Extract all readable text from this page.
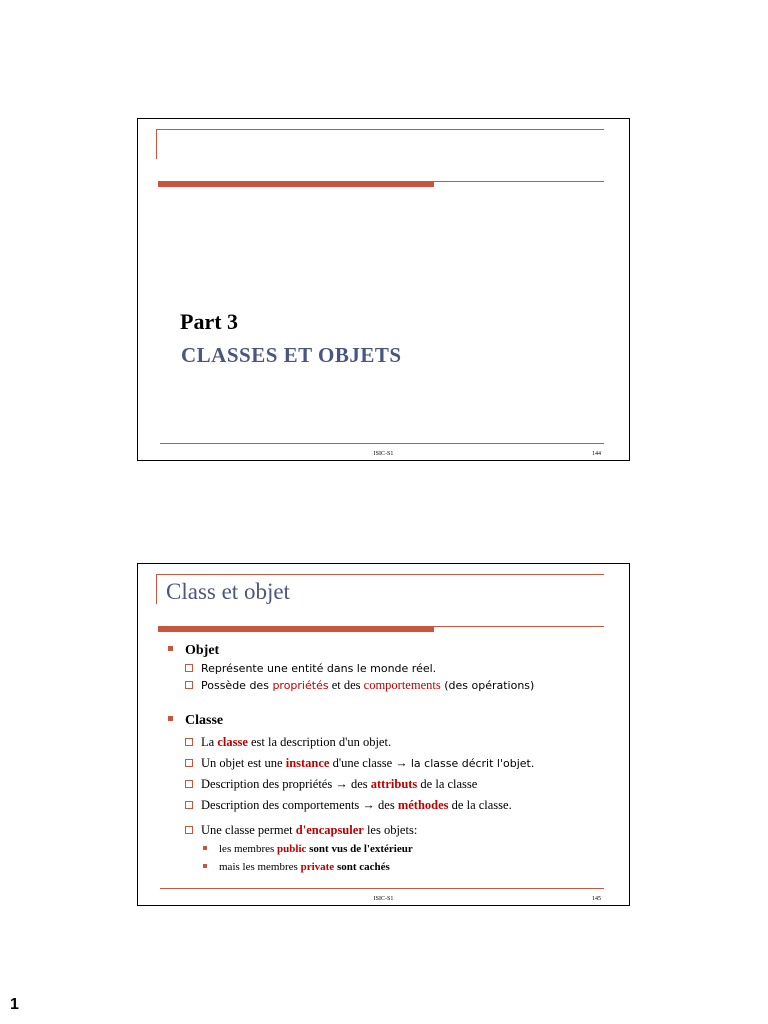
Part 3
CLASSES ET OBJETS
ISIC-S1	144
Class et objet
Objet
Représente une entité dans le monde réel.
Possède des propriétés et des comportements (des opérations)
Classe
La classe est la description d'un objet.
Un objet est une instance d'une classe → la classe décrit l'objet.
Description des propriétés → des attributs de la classe
Description des comportements → des méthodes de la classe.
Une classe permet d'encapsuler les objets:
les membres public sont vus de l'extérieur
mais les membres private sont cachés
ISIC-S1	145
1
